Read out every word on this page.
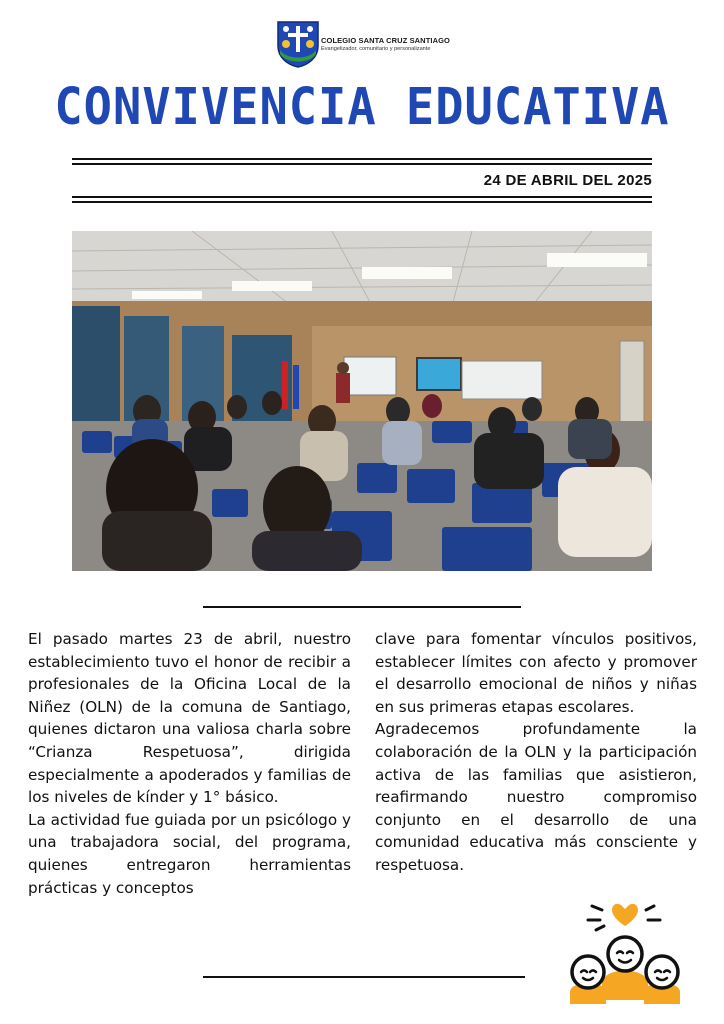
COLEGIO SANTA CRUZ SANTIAGO
Evangelizador, comunitario y personalizante
CONVIVENCIA EDUCATIVA
24 DE ABRIL DEL 2025

El pasado martes 23 de abril, nuestro establecimiento tuvo el honor de recibir a profesionales de la Oficina Local de la Niñez (OLN) de la comuna de Santiago, quienes dictaron una valiosa charla sobre “Crianza Respetuosa”, dirigida especialmente a apoderados y familias de los niveles de kínder y 1° básico.

La actividad fue guiada por un psicólogo y una trabajadora social, del programa, quienes entregaron herramientas prácticas y conceptos

clave para fomentar vínculos positivos, establecer límites con afecto y promover el desarrollo emocional de niños y niñas en sus primeras etapas escolares.

Agradecemos profundamente la colaboración de la OLN y la participación activa de las familias que asistieron, reafirmando nuestro compromiso conjunto en el desarrollo de una comunidad educativa más consciente y respetuosa.
